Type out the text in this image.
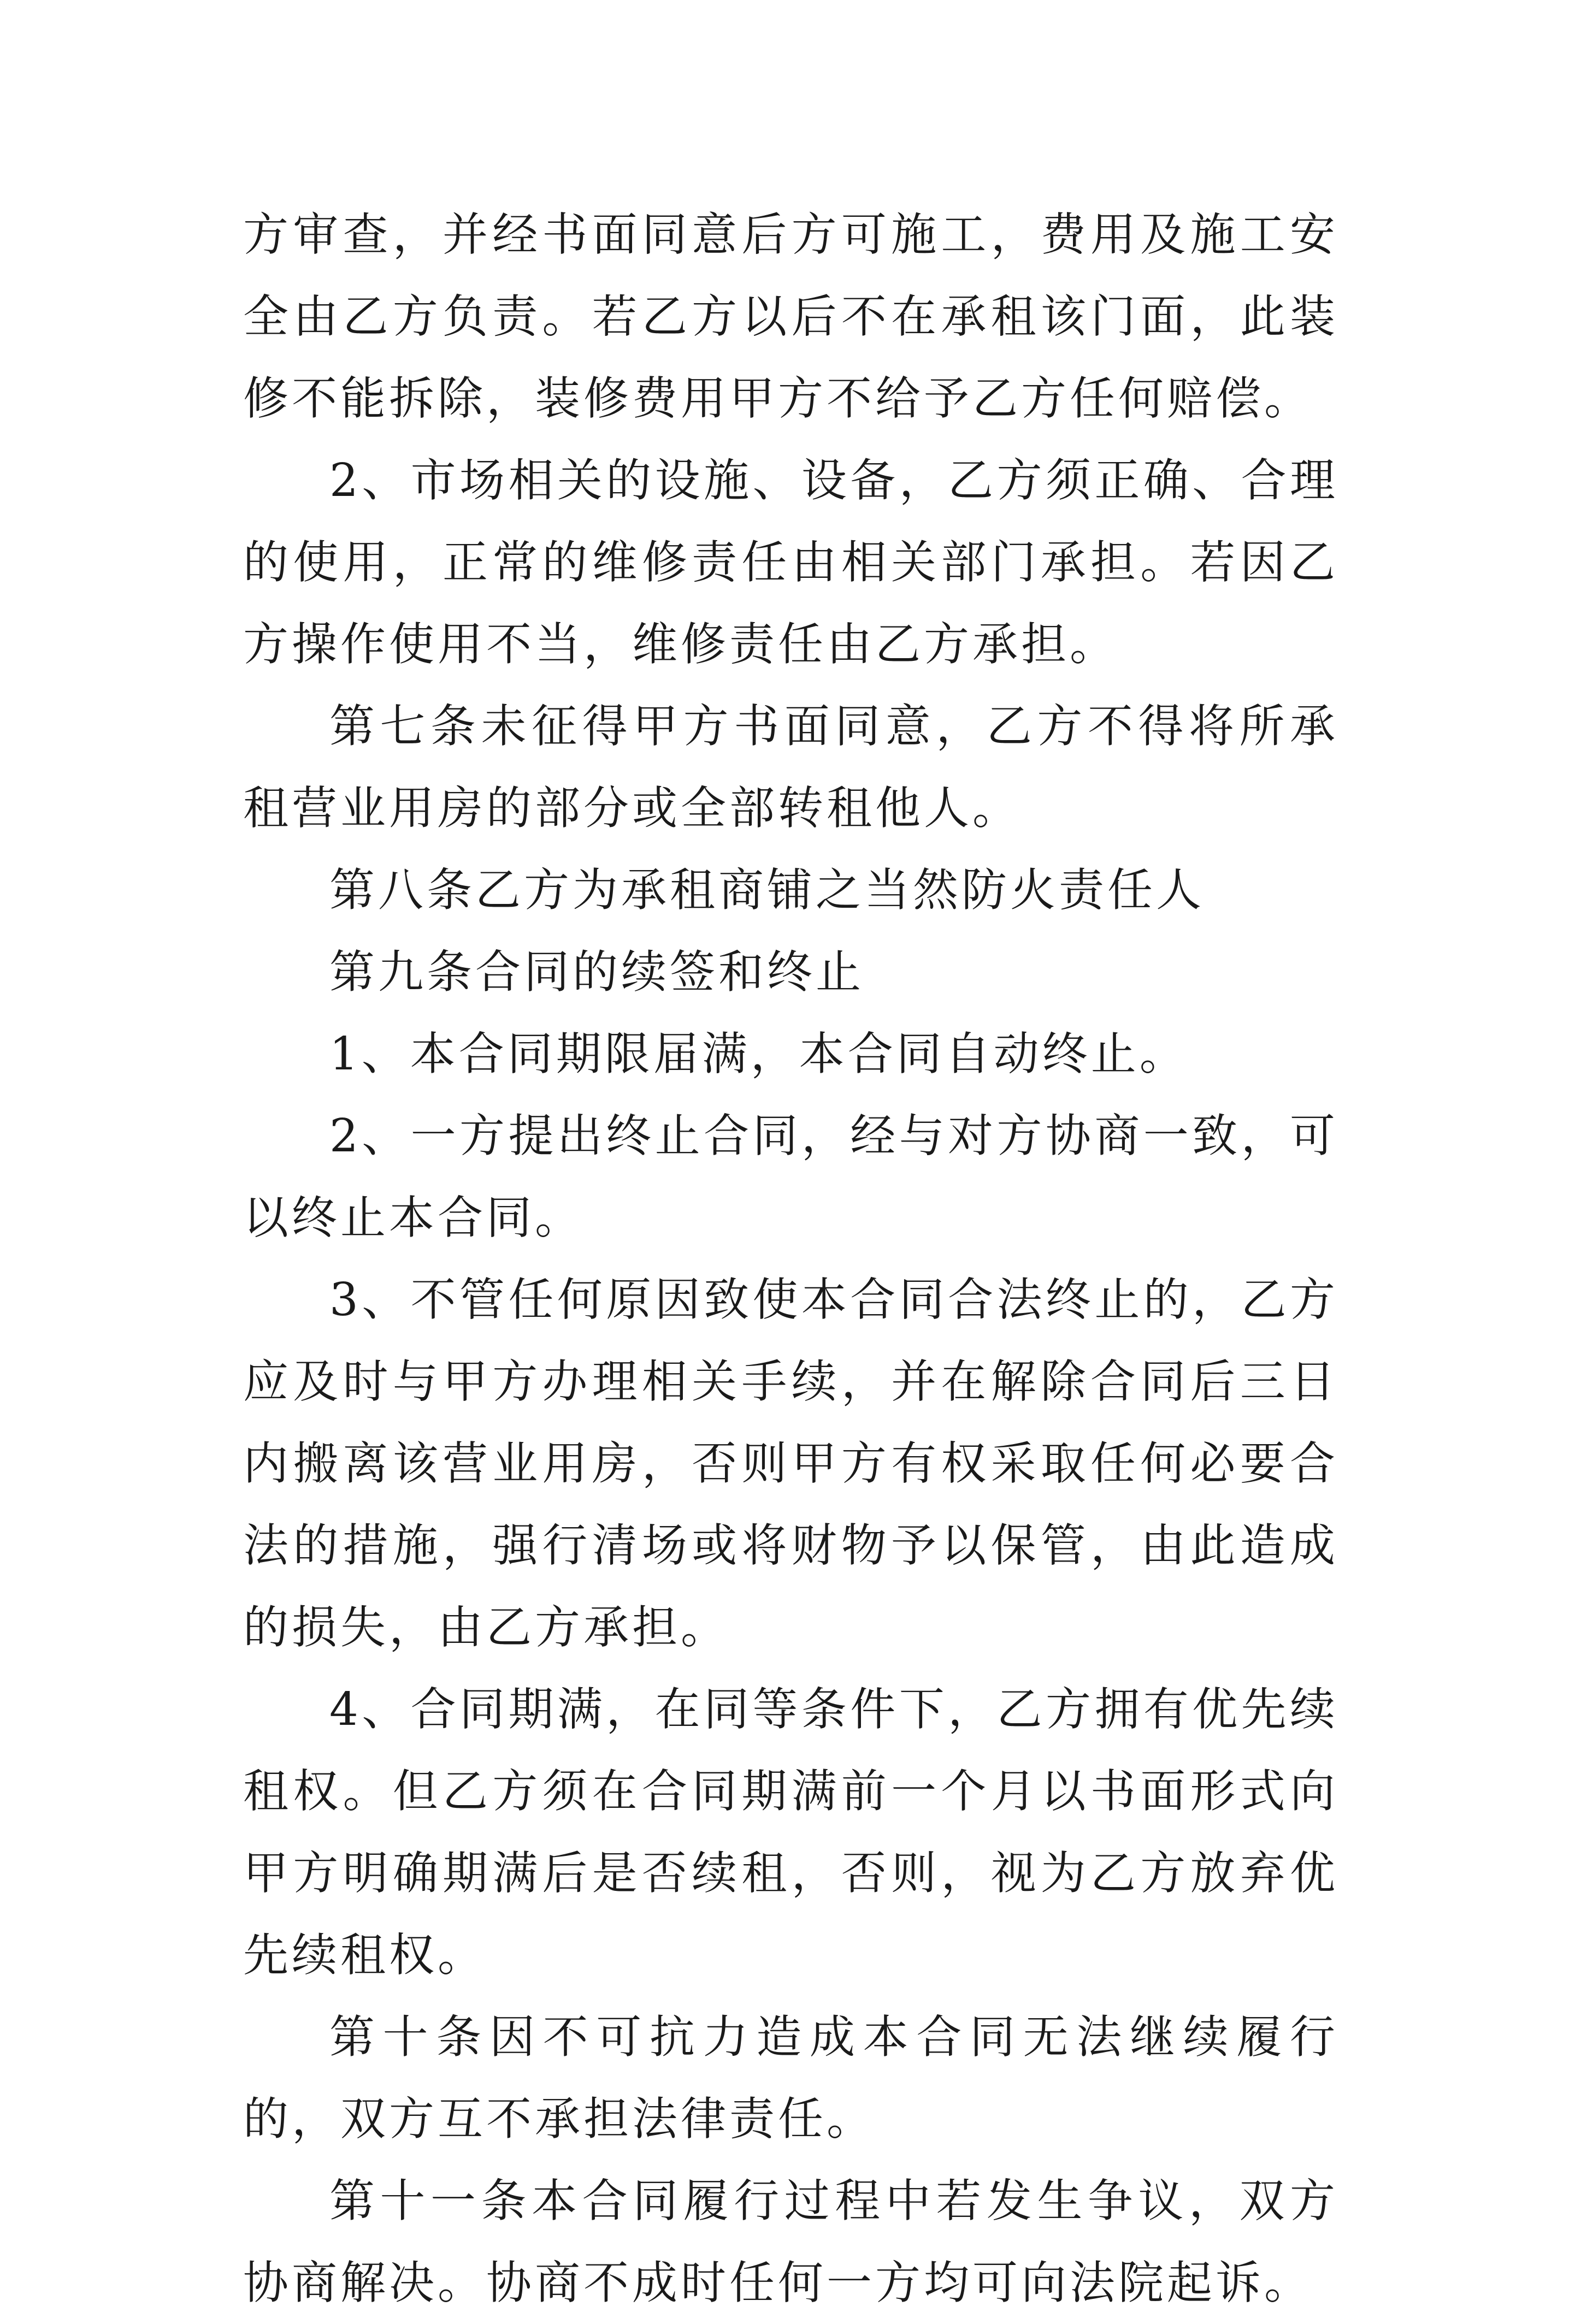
方审查，并经书面同意后方可施工，费用及施工安全由乙方负责。若乙方以后不在承租该门面，此装修不能拆除，装修费用甲方不给予乙方任何赔偿。

2、市场相关的设施、设备，乙方须正确、合理的使用，正常的维修责任由相关部门承担。若因乙方操作使用不当，维修责任由乙方承担。

第七条未征得甲方书面同意，乙方不得将所承租营业用房的部分或全部转租他人。

第八条乙方为承租商铺之当然防火责任人

第九条合同的续签和终止

1、本合同期限届满，本合同自动终止。

2、一方提出终止合同，经与对方协商一致，可以终止本合同。

3、不管任何原因致使本合同合法终止的，乙方应及时与甲方办理相关手续，并在解除合同后三日内搬离该营业用房，否则甲方有权采取任何必要合法的措施，强行清场或将财物予以保管，由此造成的损失，由乙方承担。

4、合同期满，在同等条件下，乙方拥有优先续租权。但乙方须在合同期满前一个月以书面形式向甲方明确期满后是否续租，否则，视为乙方放弃优先续租权。

第十条因不可抗力造成本合同无法继续履行的，双方互不承担法律责任。

第十一条本合同履行过程中若发生争议，双方协商解决。协商不成时任何一方均可向法院起诉。
